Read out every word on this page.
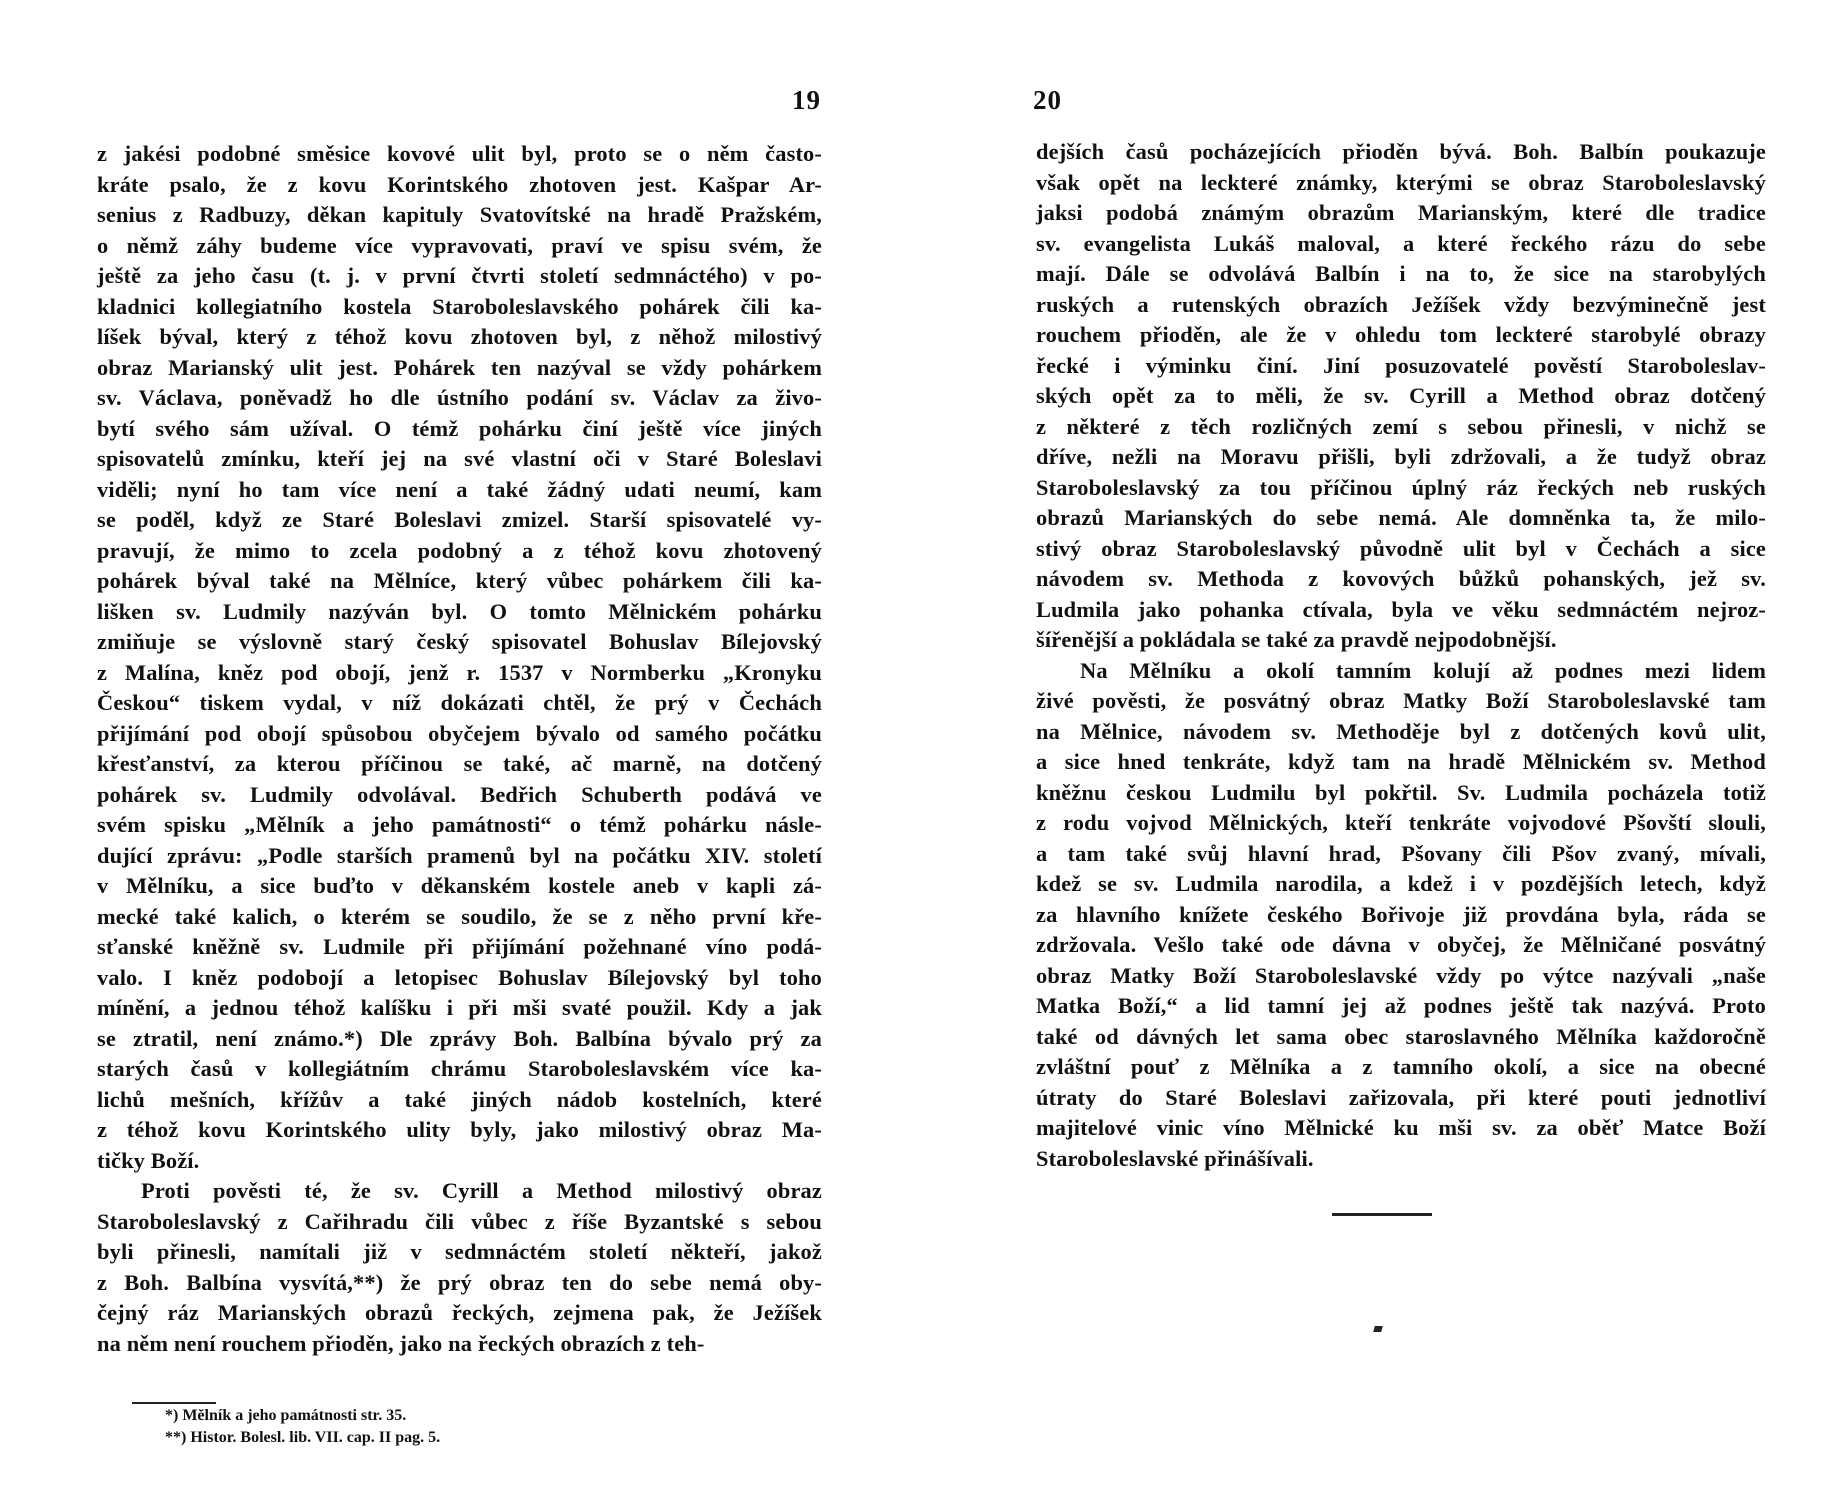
19
z jakési podobné směsice kovové ulit byl, proto se o něm často-
kráte psalo, že z kovu Korintského zhotoven jest. Kašpar Ar-
senius z Radbuzy, děkan kapituly Svatovítské na hradě Pražském,
o němž záhy budeme více vypravovati, praví ve spisu svém, že
ještě za jeho času (t. j. v první čtvrti století sedmnáctého) v po-
kladnici kollegiatního kostela Staroboleslavského pohárek čili ka-
líšek býval, který z téhož kovu zhotoven byl, z něhož milostivý
obraz Marianský ulit jest. Pohárek ten nazýval se vždy pohárkem
sv. Václava, poněvadž ho dle ústního podání sv. Václav za živo-
bytí svého sám užíval. O témž pohárku činí ještě více jiných
spisovatelů zmínku, kteří jej na své vlastní oči v Staré Boleslavi
viděli; nyní ho tam více není a také žádný udati neumí, kam
se poděl, když ze Staré Boleslavi zmizel. Starší spisovatelé vy-
pravují, že mimo to zcela podobný a z téhož kovu zhotovený
pohárek býval také na Mělníce, který vůbec pohárkem čili ka-
lišken sv. Ludmily nazýván byl. O tomto Mělnickém pohárku
zmiňuje se výslovně starý český spisovatel Bohuslav Bílejovský
z Malína, kněz pod obojí, jenž r. 1537 v Normberku „Kronyku
Českou“ tiskem vydal, v níž dokázati chtěl, že prý v Čechách
přijímání pod obojí spůsobou obyčejem bývalo od samého počátku
křesťanství, za kterou příčinou se také, ač marně, na dotčený
pohárek sv. Ludmily odvolával. Bedřich Schuberth podává ve
svém spisku „Mělník a jeho památnosti“ o témž pohárku násle-
dující zprávu: „Podle starších pramenů byl na počátku XIV. století
v Mělníku, a sice buďto v děkanském kostele aneb v kapli zá-
mecké také kalich, o kterém se soudilo, že se z něho první kře-
sťanské kněžně sv. Ludmile při přijímání požehnané víno podá-
valo. I kněz podobojí a letopisec Bohuslav Bílejovský byl toho
mínění, a jednou téhož kalíšku i při mši svaté použil. Kdy a jak
se ztratil, není známo.*) Dle zprávy Boh. Balbína bývalo prý za
starých časů v kollegiátním chrámu Staroboleslavském více ka-
lichů mešních, křížův a také jiných nádob kostelních, které
z téhož kovu Korintského ulity byly, jako milostivý obraz Ma-
tičky Boží.
Proti pověsti té, že sv. Cyrill a Method milostivý obraz
Staroboleslavský z Cařihradu čili vůbec z říše Byzantské s sebou
byli přinesli, namítali již v sedmnáctém století někteří, jakož
z Boh. Balbína vysvítá,**) že prý obraz ten do sebe nemá oby-
čejný ráz Marianských obrazů řeckých, zejmena pak, že Ježíšek
na něm není rouchem přioděn, jako na řeckých obrazích z teh-
*) Mělník a jeho památnosti str. 35.
**) Histor. Bolesl. lib. VII. cap. II pag. 5.
20
dejších časů pocházejících přioděn bývá. Boh. Balbín poukazuje
však opět na leckteré známky, kterými se obraz Staroboleslavský
jaksi podobá známým obrazům Marianským, které dle tradice
sv. evangelista Lukáš maloval, a které řeckého rázu do sebe
mají. Dále se odvolává Balbín i na to, že sice na starobylých
ruských a rutenských obrazích Ježíšek vždy bezvýminečně jest
rouchem přioděn, ale že v ohledu tom leckteré starobylé obrazy
řecké i výminku činí. Jiní posuzovatelé pověstí Staroboleslav-
ských opět za to měli, že sv. Cyrill a Method obraz dotčený
z některé z těch rozličných zemí s sebou přinesli, v nichž se
dříve, nežli na Moravu přišli, byli zdržovali, a že tudyž obraz
Staroboleslavský za tou příčinou úplný ráz řeckých neb ruských
obrazů Marianských do sebe nemá. Ale domněnka ta, že milo-
stivý obraz Staroboleslavský původně ulit byl v Čechách a sice
návodem sv. Methoda z kovových bůžků pohanských, jež sv.
Ludmila jako pohanka ctívala, byla ve věku sedmnáctém nejroz-
šířenější a pokládala se také za pravdě nejpodobnější.
Na Mělníku a okolí tamním kolují až podnes mezi lidem
živé pověsti, že posvátný obraz Matky Boží Staroboleslavské tam
na Mělnice, návodem sv. Methoděje byl z dotčených kovů ulit,
a sice hned tenkráte, když tam na hradě Mělnickém sv. Method
kněžnu českou Ludmilu byl pokřtil. Sv. Ludmila pocházela totiž
z rodu vojvod Mělnických, kteří tenkráte vojvodové Pšovští slouli,
a tam také svůj hlavní hrad, Pšovany čili Pšov zvaný, mívali,
kdež se sv. Ludmila narodila, a kdež i v pozdějších letech, když
za hlavního knížete českého Bořivoje již provdána byla, ráda se
zdržovala. Vešlo také ode dávna v obyčej, že Mělničané posvátný
obraz Matky Boží Staroboleslavské vždy po výtce nazývali „naše
Matka Boží,“ a lid tamní jej až podnes ještě tak nazývá. Proto
také od dávných let sama obec staroslavného Mělníka každoročně
zvláštní pouť z Mělníka a z tamního okolí, a sice na obecné
útraty do Staré Boleslavi zařizovala, při které pouti jednotliví
majitelové vinic víno Mělnické ku mši sv. za oběť Matce Boží
Staroboleslavské přinášívali.
